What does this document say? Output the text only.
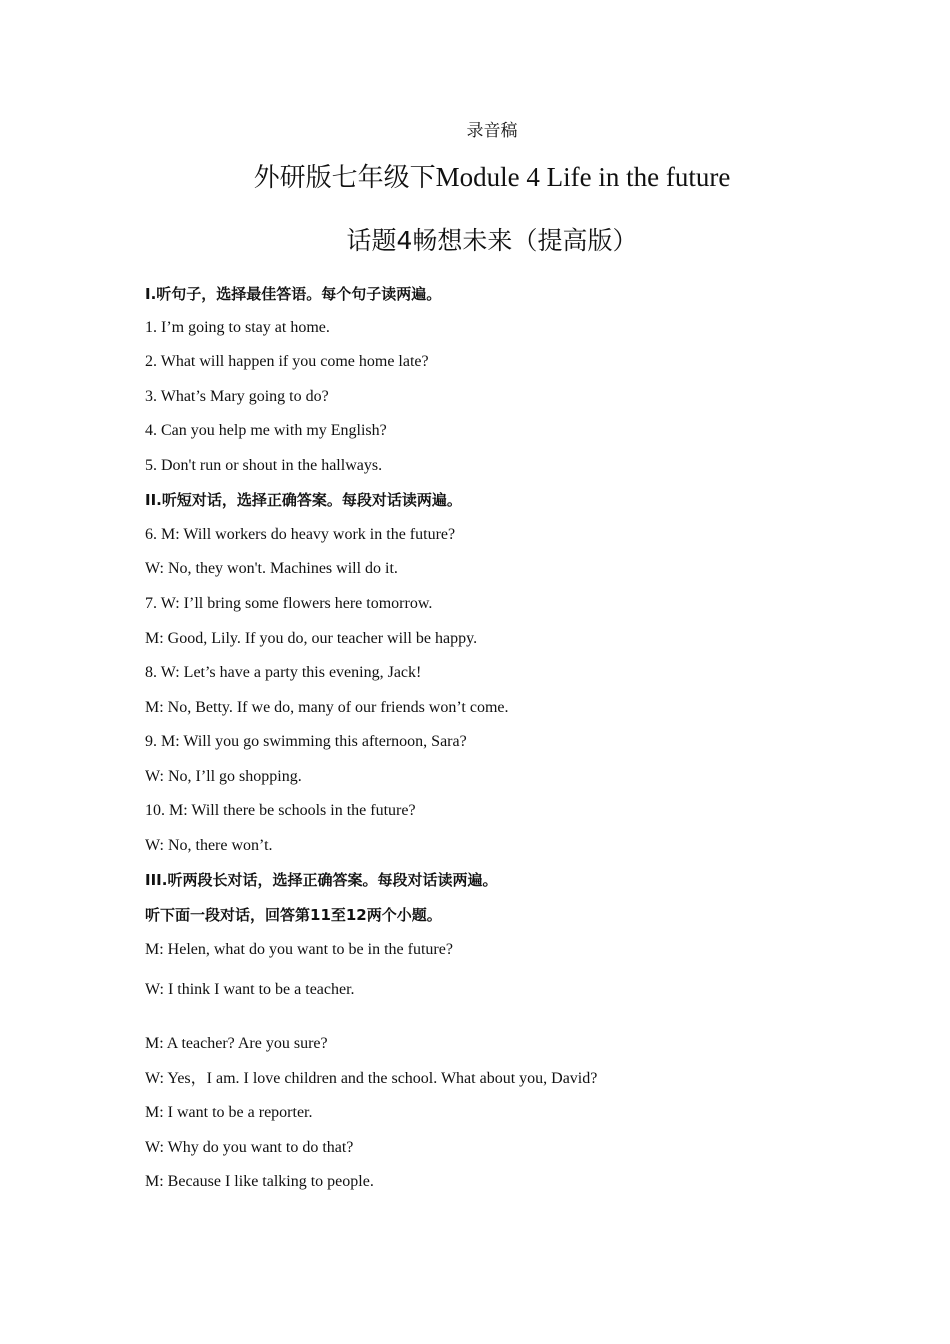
录音稿
外研版七年级下Module 4 Life in the future
话题4畅想未来（提高版）
I.听句子，选择最佳答语。每个句子读两遍。
1. I’m going to stay at home.
2. What will happen if you come home late?
3. What’s Mary going to do?
4. Can you help me with my English?
5. Don't run or shout in the hallways.
II.听短对话，选择正确答案。每段对话读两遍。
6. M: Will workers do heavy work in the future?
W: No, they won't. Machines will do it.
7. W: I’ll bring some flowers here tomorrow.
M: Good, Lily. If you do, our teacher will be happy.
8. W: Let’s have a party this evening, Jack!
M: No, Betty. If we do, many of our friends won’t come.
9. M: Will you go swimming this afternoon, Sara?
W: No, I’ll go shopping.
10. M: Will there be schools in the future?
W: No, there won’t.
III.听两段长对话，选择正确答案。每段对话读两遍。
听下面一段对话，回答第11至12两个小题。
M: Helen, what do you want to be in the future?
W: I think I want to be a teacher.
M: A teacher? Are you sure?
W: Yes，I am. I love children and the school. What about you, David?
M: I want to be a reporter.
W: Why do you want to do that?
M: Because I like talking to people.
